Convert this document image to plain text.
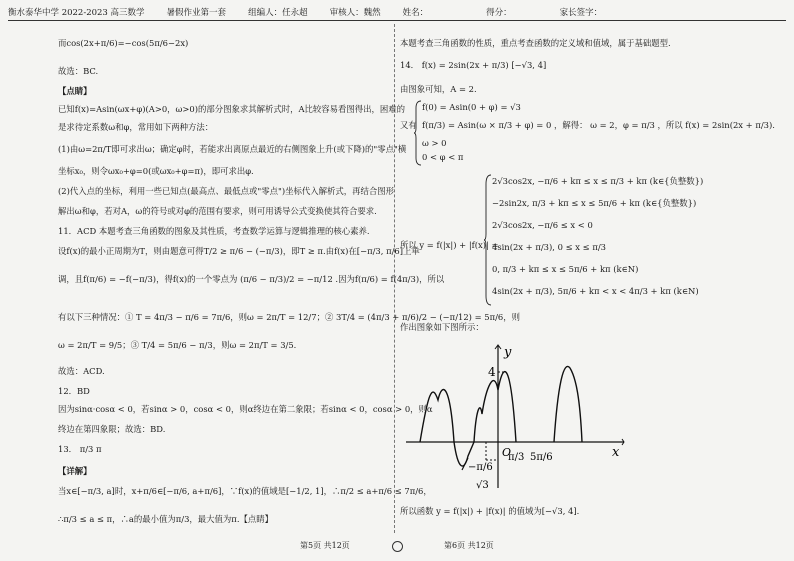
衡水泰华中学 2022-2023 高三数学	暑假作业第一套	组编人：任永超	审核人：魏然	姓名：	得分：	家长签字：
而cos(2x+π/6)=−cos(5π/6−2x)
故选：BC.
【点睛】
已知f(x)=Asin(ωx+φ)(A>0，ω>0)的部分图象求其解析式时，A比较容易看图得出，困难的
是求待定系数ω和φ，常用如下两种方法：
(1)由ω=2π/T即可求出ω；确定φ时，若能求出离原点最近的右侧图象上升(或下降)的"零点"横
坐标x₀，则令ωx₀+φ=0(或ωx₀+φ=π)，即可求出φ.
(2)代入点的坐标，利用一些已知点(最高点、最低点或"零点")坐标代入解析式，再结合图形
解出ω和φ，若对A，ω的符号或对φ的范围有要求，则可用诱导公式变换使其符合要求.
11．ACD 本题考查三角函数的图象及其性质，考查数学运算与逻辑推理的核心素养.
设f(x)的最小正周期为T，则由题意可得T/2 ≥ π/6 − (−π/3)，即T ≥ π.由f(x)在[−π/3, π/6]上单
调，且f(π/6) = −f(−π/3)，得f(x)的一个零点为 (π/6 − π/3)/2 = −π/12 .因为f(π/6) = f(4π/3)，所以
有以下三种情况：① T = 4π/3 − π/6 = 7π/6，则ω = 2π/T = 12/7；② 3T/4 = (4π/3 + π/6)/2 − (−π/12) = 5π/6，则
ω = 2π/T = 9/5；③ T/4 = 5π/6 − π/3，则ω = 2π/T = 3/5.
故选：ACD.
12．BD
因为sinα·cosα < 0，若sinα > 0，cosα < 0，则α终边在第二象限；若sinα < 0，cosα > 0，则α
终边在第四象限；故选：BD.
13． π/3 π
【详解】
当x∈[−π/3, a]时，x+π/6∈[−π/6, a+π/6]，∵f(x)的值域是[−1/2, 1]，∴π/2 ≤ a+π/6 ≤ 7π/6，
∴π/3 ≤ a ≤ π，∴a的最小值为π/3，最大值为π.【点睛】
本题考查三角函数的性质，重点考查函数的定义域和值域，属于基础题型.
14． f(x) = 2sin(2x + π/3) [−√3, 4]
由图象可知，A = 2.
f(0) = Asin(0 + φ) = √3
又有 f(π/3) = Asin(ω × π/3 + φ) = 0 ，解得： ω = 2，φ = π/3 ，所以 f(x) = 2sin(2x + π/3).
ω > 0
0 < φ < π
所以 y = f(|x|) + |f(x)| =
2√3cos2x, −π/6 + kπ ≤ x ≤ π/3 + kπ (k∈{负整数})
−2sin2x, π/3 + kπ ≤ x ≤ 5π/6 + kπ (k∈{负整数})
2√3cos2x, −π/6 ≤ x < 0
4sin(2x + π/3), 0 ≤ x ≤ π/3
0, π/3 + kπ ≤ x ≤ 5π/6 + kπ (k∈N)
4sin(2x + π/3), 5π/6 + kπ < x < 4π/3 + kπ (k∈N)
作出图象如下图所示：
所以函数 y = f(|x|) + |f(x)| 的值域为[−√3, 4].
y
x
O
4
√3
−π/6
π/3 5π/6
第5页 共12页	第6页 共12页
